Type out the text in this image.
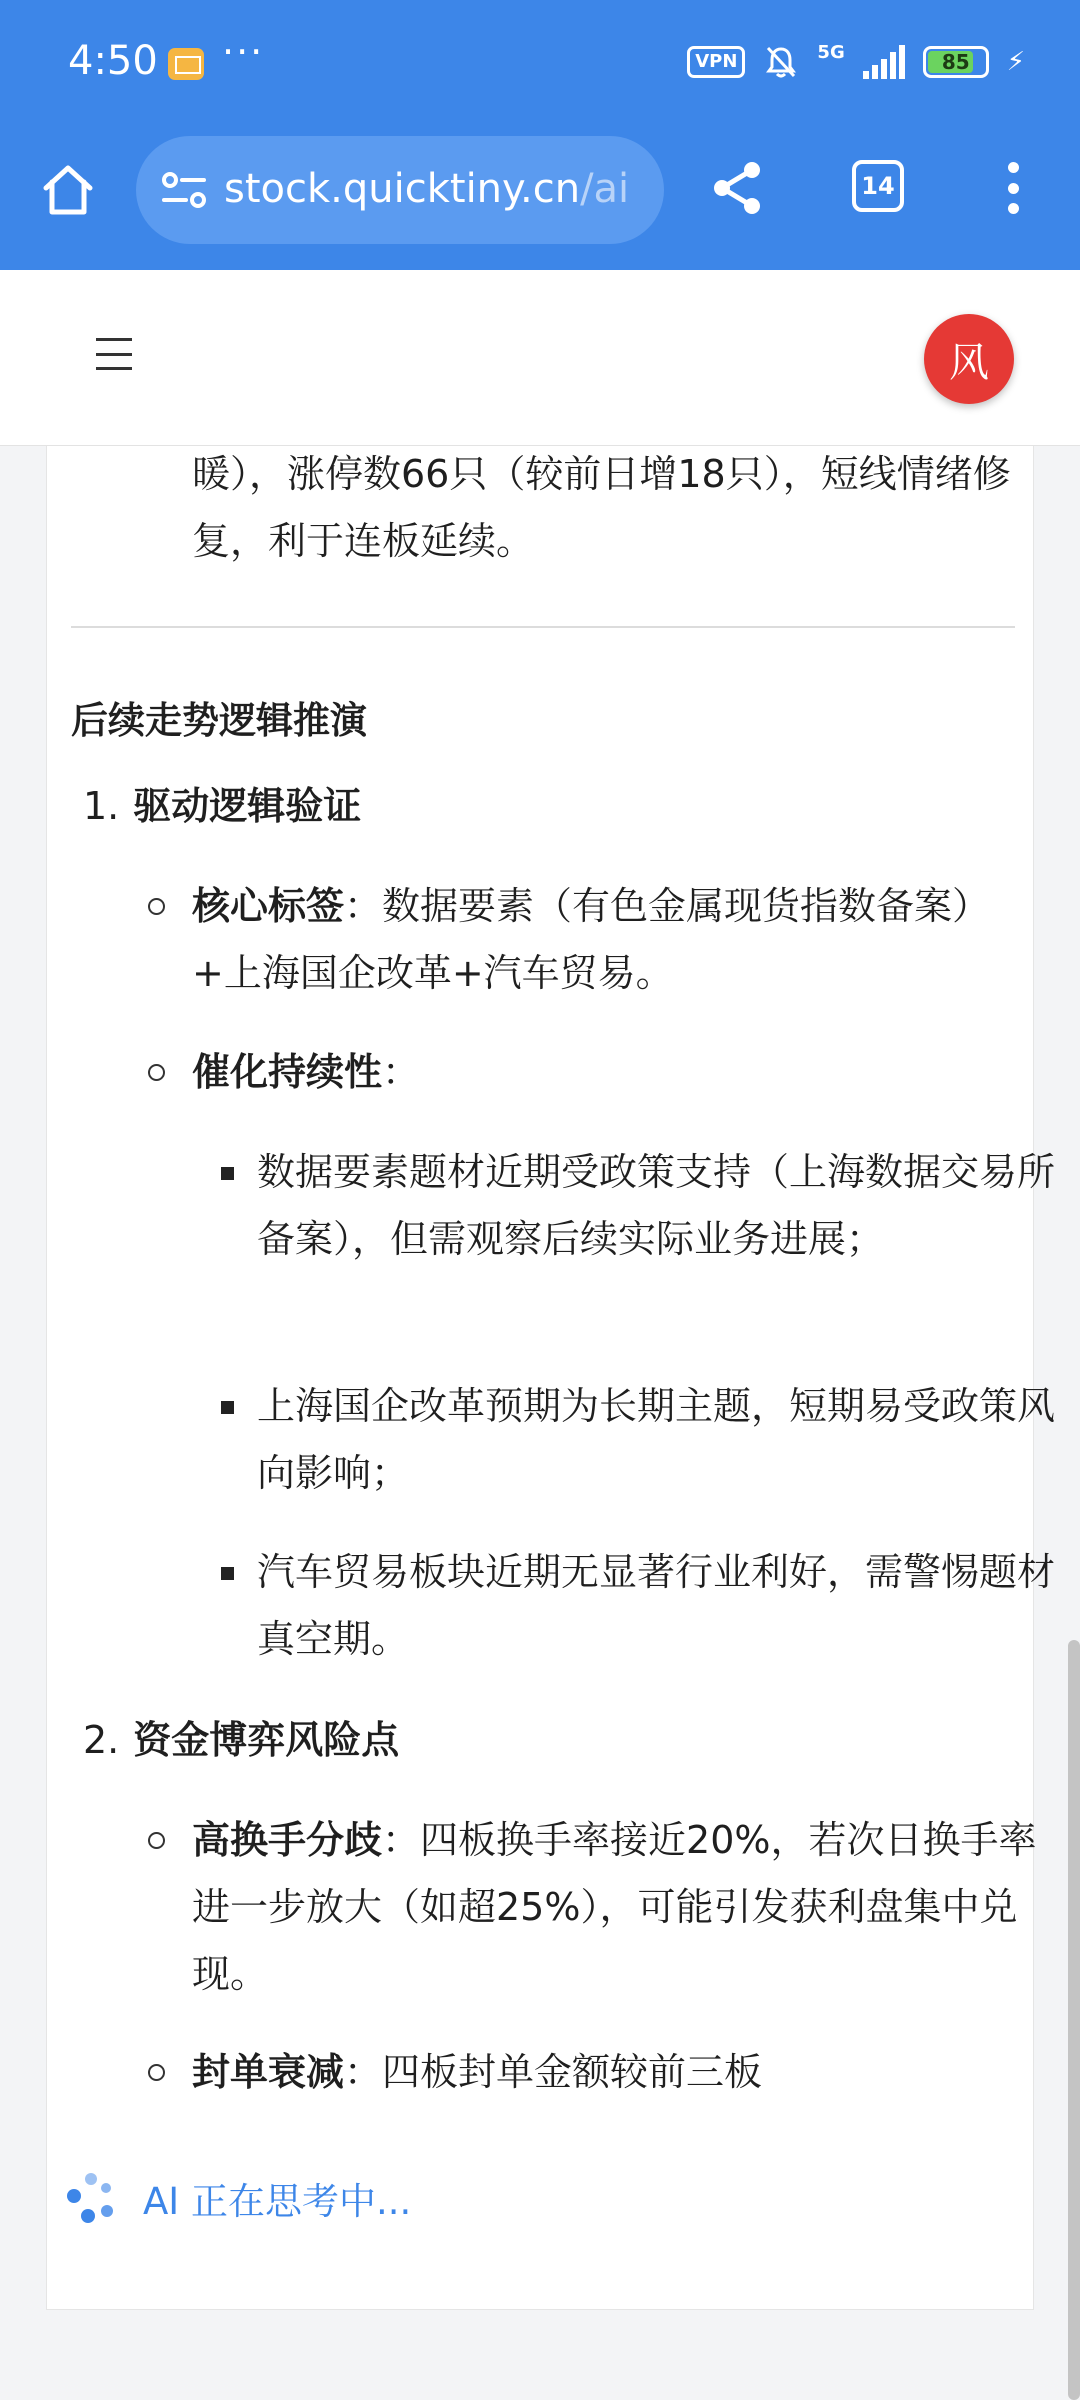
4:50 ···	VPN	5G	85 ⚡
stock.quicktiny.cn/ai	14
风
暖），涨停数66只（较前日增18只），短线情绪修复，利于连板延续。
后续走势逻辑推演
1. 驱动逻辑验证
核心标签：数据要素（有色金属现货指数备案）+上海国企改革+汽车贸易。
催化持续性：
数据要素题材近期受政策支持（上海数据交易所备案），但需观察后续实际业务进展；
上海国企改革预期为长期主题，短期易受政策风向影响；
汽车贸易板块近期无显著行业利好，需警惕题材真空期。
2. 资金博弈风险点
高换手分歧：四板换手率接近20%，若次日换手率进一步放大（如超25%），可能引发获利盘集中兑现。
封单衰减：四板封单金额较前三板
AI 正在思考中...
